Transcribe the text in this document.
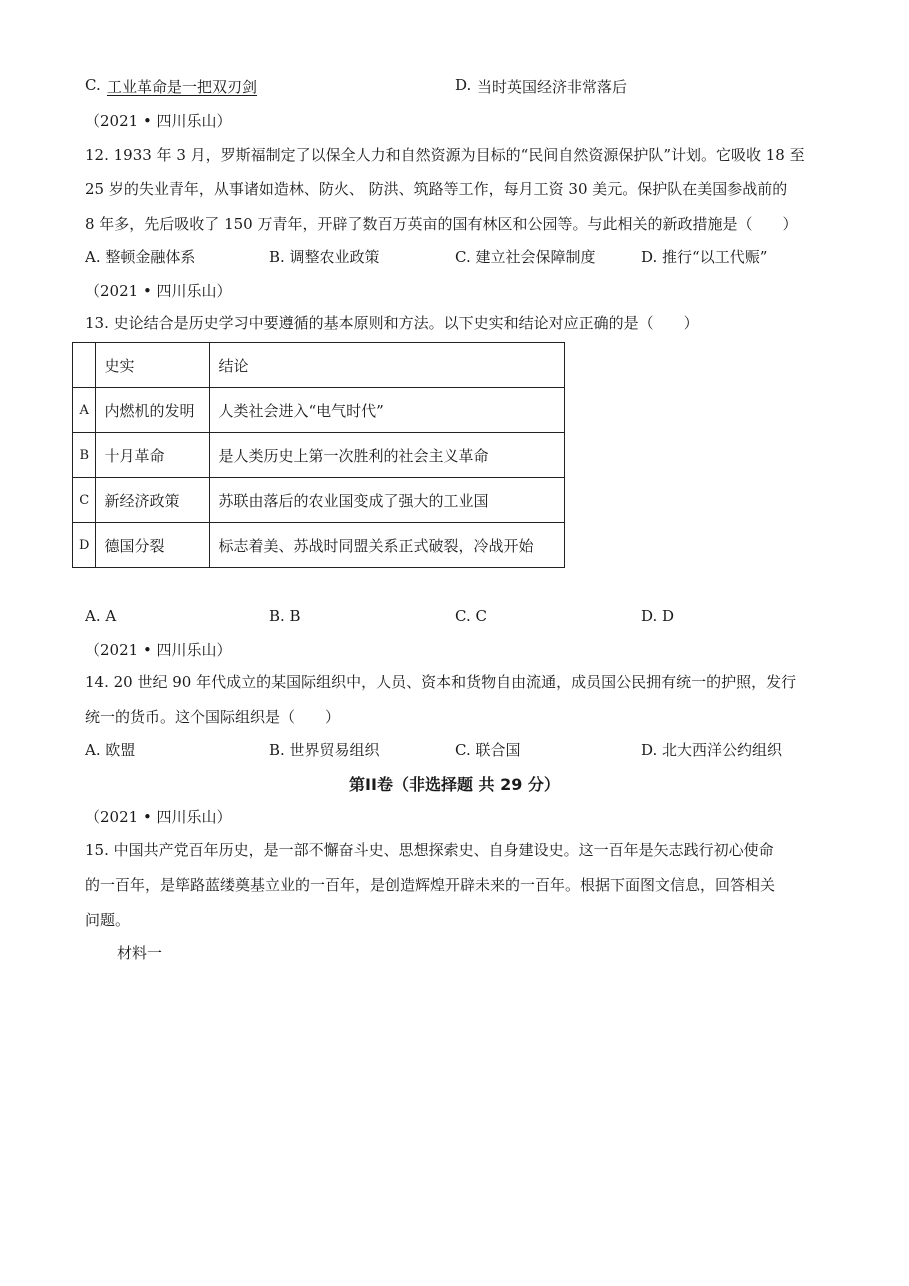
C. 工业革命是一把双刃剑	D. 当时英国经济非常落后
（2021 • 四川乐山）
12. 1933 年 3 月，罗斯福制定了以保全人力和自然资源为目标的“民间自然资源保护队”计划。它吸收 18 至
25 岁的失业青年，从事诸如造林、防火、 防洪、筑路等工作，每月工资 30 美元。保护队在美国参战前的
8 年多，先后吸收了 150 万青年，开辟了数百万英亩的国有林区和公园等。与此相关的新政措施是（　　）
A. 整顿金融体系	B. 调整农业政策	C. 建立社会保障制度	D. 推行“以工代赈”
（2021 • 四川乐山）
13. 史论结合是历史学习中要遵循的基本原则和方法。以下史实和结论对应正确的是（　　）
	史实	结论
A	内燃机的发明	人类社会进入“电气时代”
B	十月革命	是人类历史上第一次胜利的社会主义革命
C	新经济政策	苏联由落后的农业国变成了强大的工业国
D	德国分裂	标志着美、苏战时同盟关系正式破裂，冷战开始
A. A	B. B	C. C	D. D
（2021 • 四川乐山）
14. 20 世纪 90 年代成立的某国际组织中，人员、资本和货物自由流通，成员国公民拥有统一的护照，发行
统一的货币。这个国际组织是（　　）
A. 欧盟	B. 世界贸易组织	C. 联合国	D. 北大西洋公约组织
第II卷（非选择题 共 29 分）
（2021 • 四川乐山）
15. 中国共产党百年历史，是一部不懈奋斗史、思想探索史、自身建设史。这一百年是矢志践行初心使命
的一百年，是筚路蓝缕奠基立业的一百年，是创造辉煌开辟未来的一百年。根据下面图文信息，回答相关
问题。
材料一
